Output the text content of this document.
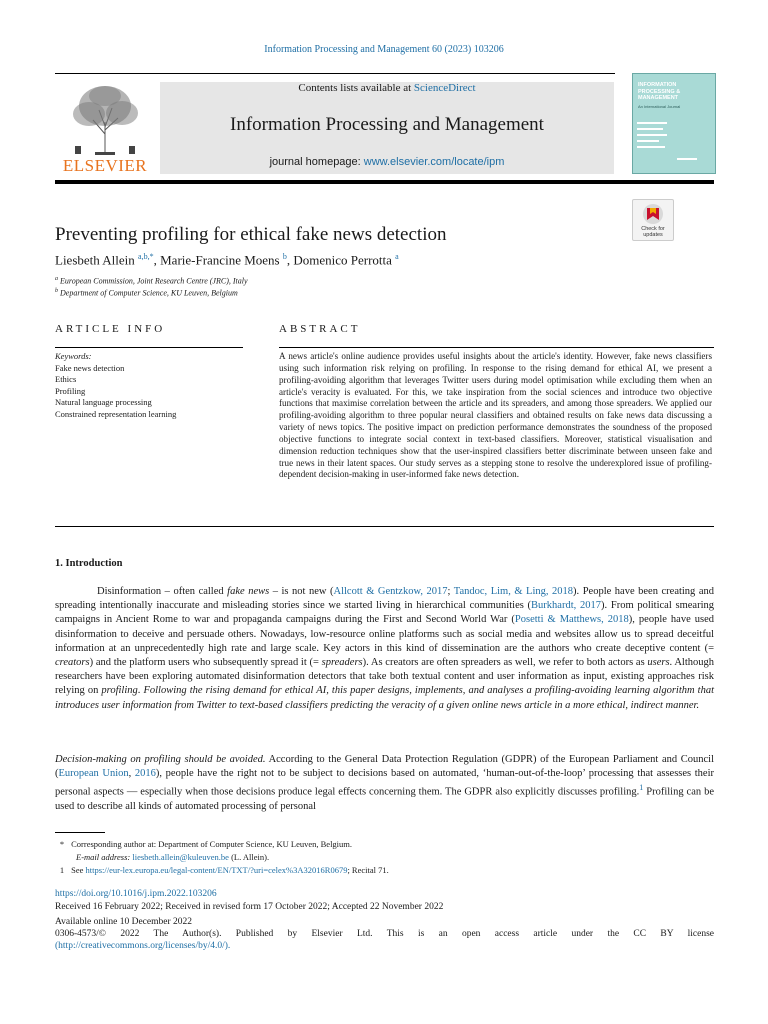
Information Processing and Management 60 (2023) 103206
ELSEVIER
Contents lists available at ScienceDirect
Information Processing and Management
journal homepage: www.elsevier.com/locate/ipm
INFORMATION PROCESSING & MANAGEMENT
An International Journal
Check for updates
Preventing profiling for ethical fake news detection
Liesbeth Allein $^{a,b,*}$, Marie-Francine Moens $^b$, Domenico Perrotta $^a$
$^a$ European Commission, Joint Research Centre (JRC), Italy
$^b$ Department of Computer Science, KU Leuven, Belgium
ARTICLE INFO	ABSTRACT
Keywords:
Fake news detection
Ethics
Profiling
Natural language processing
Constrained representation learning
A news article's online audience provides useful insights about the article's identity. However, fake news classifiers using such information risk relying on profiling. In response to the rising demand for ethical AI, we present a profiling-avoiding algorithm that leverages Twitter users during model optimisation while excluding them when an article's veracity is evaluated. For this, we take inspiration from the social sciences and introduce two objective functions that maximise correlation between the article and its spreaders, and among those spreaders. We applied our profiling-avoiding algorithm to three popular neural classifiers and obtained results on fake news data discussing a variety of news topics. The positive impact on prediction performance demonstrates the soundness of the proposed objective functions to integrate social context in text-based classifiers. Moreover, statistical visualisation and dimension reduction techniques show that the user-inspired classifiers better discriminate between unseen fake and true news in their latent spaces. Our study serves as a stepping stone to resolve the underexplored issue of profiling-dependent decision-making in user-informed fake news detection.
1. Introduction
Disinformation – often called fake news – is not new (Allcott & Gentzkow, 2017; Tandoc, Lim, & Ling, 2018). People have been creating and spreading intentionally inaccurate and misleading stories since we started living in hierarchical communities (Burkhardt, 2017). From political smearing campaigns in Ancient Rome to war and propaganda campaigns during the First and Second World War (Posetti & Matthews, 2018), people have used disinformation to deceive and persuade others. Nowadays, low-resource online platforms such as social media and websites allow us to spread deceitful information at an unprecedentedly high rate and large scale. Key actors in this kind of dissemination are the authors who create deceptive content (= creators) and the platform users who subsequently spread it (= spreaders). As creators are often spreaders as well, we refer to both actors as users. Although researchers have been exploring automated disinformation detectors that take both textual content and user information as input, existing approaches risk relying on profiling. Following the rising demand for ethical AI, this paper designs, implements, and analyses a profiling-avoiding learning algorithm that introduces user information from Twitter to text-based classifiers predicting the veracity of a given online news article in a more ethical, indirect manner.
Decision-making on profiling should be avoided. According to the General Data Protection Regulation (GDPR) of the European Parliament and Council (European Union, 2016), people have the right not to be subject to decisions based on automated, ‘human-out-of-the-loop’ processing that assesses their personal aspects — especially when those decisions produce legal effects concerning them. The GDPR also explicitly discusses profiling.$^1$ Profiling can be used to describe all kinds of automated processing of personal
* Corresponding author at: Department of Computer Science, KU Leuven, Belgium.
E-mail address: liesbeth.allein@kuleuven.be (L. Allein).
1 See https://eur-lex.europa.eu/legal-content/EN/TXT/?uri=celex%3A32016R0679; Recital 71.
https://doi.org/10.1016/j.ipm.2022.103206
Received 16 February 2022; Received in revised form 17 October 2022; Accepted 22 November 2022
Available online 10 December 2022
0306-4573/© 2022 The Author(s). Published by Elsevier Ltd. This is an open access article under the CC BY license
(http://creativecommons.org/licenses/by/4.0/).
